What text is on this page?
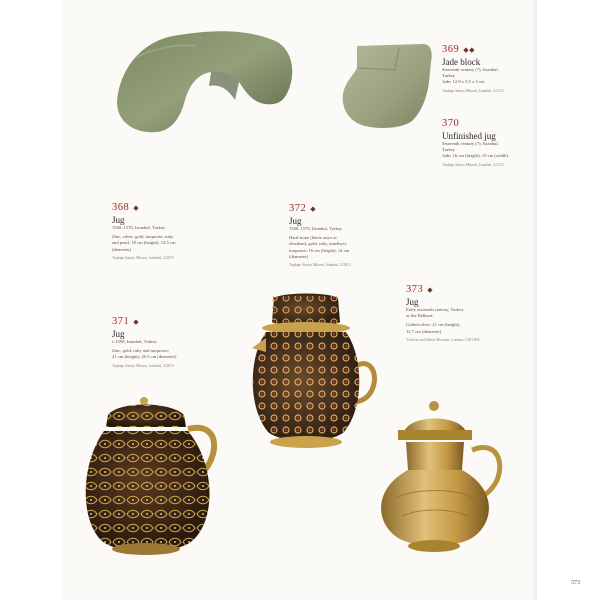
369 ◆◆
Jade block
Sixteenth century (?), Istanbul,
Turkey
Jade; 12.8 x 9.5 x 5 cm
Topkapı Sarayı Müzesi, Istanbul, 2/3112
370
Unfinished jug
Sixteenth century (?), Istanbul,
Turkey
Jade; 16 cm (height), 10 cm (width)
Topkapı Sarayı Müzesi, Istanbul, 2/3112
368 ◆
Jug
1560–1570, Istanbul, Turkey
Zinc, silver, gold, turquoise, ruby
and pearl; 18 cm (height), 14.5 cm
(diameter)
Topkapı Sarayı Müzesi, Istanbul, 2/2873
372 ◆
Jug
1560–1570, Istanbul, Turkey
Hard stone (black onyx or
obsidian), gold, ruby, amethyst,
turquoise; 16 cm (height), 14 cm
(diameter)
Topkapı Sarayı Müzesi, Istanbul, 2/3813
373 ◆
Jug
Early sixteenth century, Turkey
or the Balkans
Gilded silver; 21 cm (height),
12.7 cm (diameter)
Victoria and Albert Museum, London, 158-1894
371 ◆
Jug
c.1590, Istanbul, Turkey
Zinc, gold, ruby and turquoise;
21 cm (height), 20.5 cm (diameter)
Topkapı Sarayı Müzesi, Istanbul, 2/2874
373
